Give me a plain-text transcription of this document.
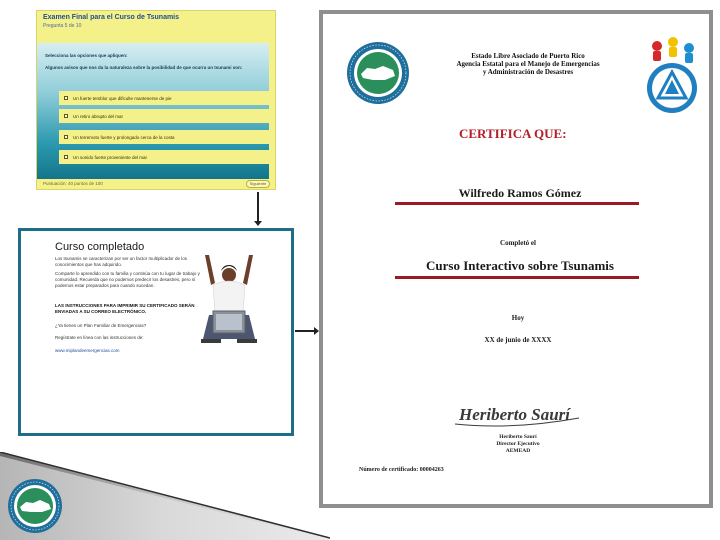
Examen Final para el Curso de Tsunamis
Pregunta 5 de 10
Selecciona las opciones que apliquen:
Algunos avisos que nos da la naturaleza sobre la posibilidad de que ocurra un tsunami son:
Un fuerte temblor que dificulte mantenerse de pie
Un retiro abrupto del mar
Un terremoto fuerte y prolongado cerca de la costa
Un sonido fuerte proveniente del mar
Puntuación: 40 puntos de 100	Siguiente
Curso completado
Los tsunamis se caracterizan por ser un factor multiplicador de los conocimientos que has adquirido.
Comparte lo aprendido con tu familia y continúa con tu lugar de trabajo y comunidad. Recuerda que no podemos predecir los desastres, pero sí podemos estar preparados para cuando sucedan.
LAS INSTRUCCIONES PARA IMPRIMIR SU CERTIFICADO SERÁN ENVIADAS A SU CORREO ELECTRÓNICO.
¿Ya tienes un Plan Familiar de Emergencias?
Regístrate en línea con las instrucciones de:
www.miplandeemergencias.com
Estado Libre Asociado de Puerto Rico
Agencia Estatal para el Manejo de Emergencias
y Administración de Desastres
CERTIFICA QUE:
Wilfredo Ramos Gómez
Completó el
Curso Interactivo sobre Tsunamis
Hoy
XX de junio de XXXX
Heriberto Saurí
Heriberto Saurí
Director Ejecutivo
AEMEAD
Número de certificado: 00004263
